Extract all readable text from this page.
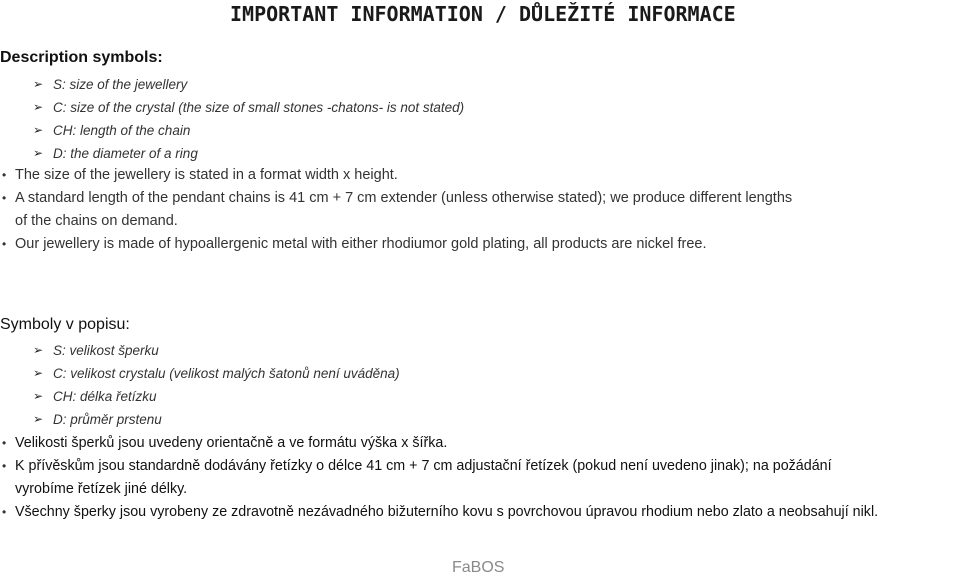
IMPORTANT INFORMATION / DŮLEŽITÉ INFORMACE
Description symbols:
➢ S: size of the jewellery
➢ C: size of the crystal (the size of small stones -chatons- is not stated)
➢ CH: length of the chain
➢ D: the diameter of a ring
• The size of the jewellery is stated in a format width x height.
• A standard length of the pendant chains is 41 cm + 7 cm extender (unless otherwise stated); we produce different lengths
of the chains on demand.
• Our jewellery is made of hypoallergenic metal with either rhodiumor gold plating, all products are nickel free.
Symboly v popisu:
➢ S: velikost šperku
➢ C: velikost crystalu (velikost malých šatonů není uváděna)
➢ CH: délka řetízku
➢ D: průměr prstenu
• Velikosti šperků jsou uvedeny orientačně a ve formátu výška x šířka.
• K přívěskům jsou standardně dodávány řetízky o délce 41 cm + 7 cm adjustační řetízek (pokud není uvedeno jinak); na požádání
vyrobíme řetízek jiné délky.
• Všechny šperky jsou vyrobeny ze zdravotně nezávadného bižuterního kovu s povrchovou úpravou rhodium nebo zlato a neobsahují nikl.
FaBOS
